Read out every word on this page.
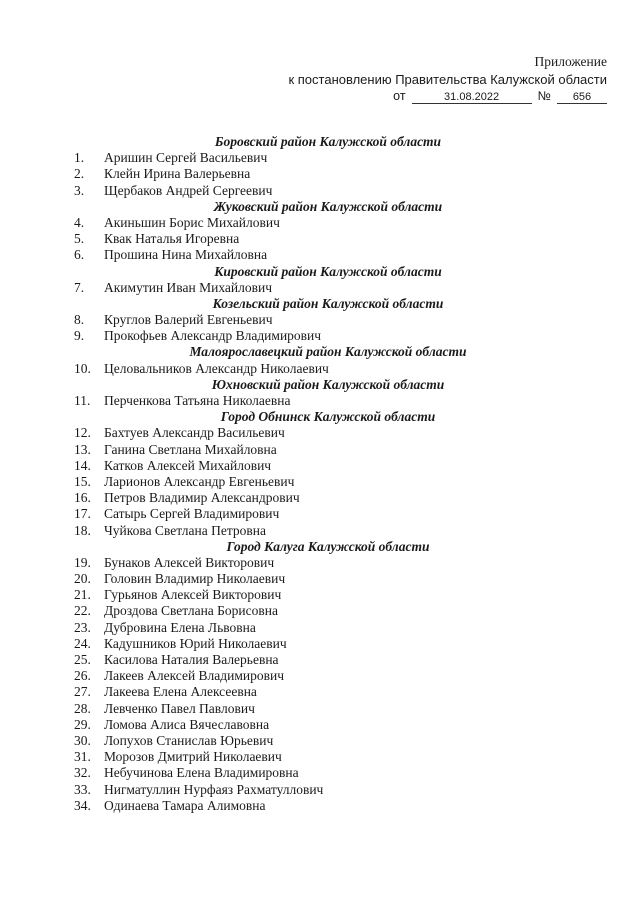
Приложение
к постановлению Правительства Калужской области
от	31.08.2022	№ 656
Боровский район Калужской области
1. Аришин Сергей Васильевич
2. Клейн Ирина Валерьевна
3. Щербаков Андрей Сергеевич
Жуковский район Калужской области
4. Акиньшин Борис Михайлович
5. Квак Наталья Игоревна
6. Прошина Нина Михайловна
Кировский район Калужской области
7. Акимутин Иван Михайлович
Козельский район Калужской области
8. Круглов Валерий Евгеньевич
9. Прокофьев Александр Владимирович
Малоярославецкий район Калужской области
10. Целовальников Александр Николаевич
Юхновский район Калужской области
11. Перченкова Татьяна Николаевна
Город Обнинск Калужской области
12. Бахтуев Александр Васильевич
13. Ганина Светлана Михайловна
14. Катков Алексей Михайлович
15. Ларионов Александр Евгеньевич
16. Петров Владимир Александрович
17. Сатырь Сергей Владимирович
18. Чуйкова Светлана Петровна
Город Калуга Калужской области
19. Бунаков Алексей Викторович
20. Головин Владимир Николаевич
21. Гурьянов Алексей Викторович
22. Дроздова Светлана Борисовна
23. Дубровина Елена Львовна
24. Кадушников Юрий Николаевич
25. Касилова Наталия Валерьевна
26. Лакеев Алексей Владимирович
27. Лакеева Елена Алексеевна
28. Левченко Павел Павлович
29. Ломова Алиса Вячеславовна
30. Лопухов Станислав Юрьевич
31. Морозов Дмитрий Николаевич
32. Небучинова Елена Владимировна
33. Нигматуллин Нурфаяз Рахматуллович
34. Одинаева Тамара Алимовна
